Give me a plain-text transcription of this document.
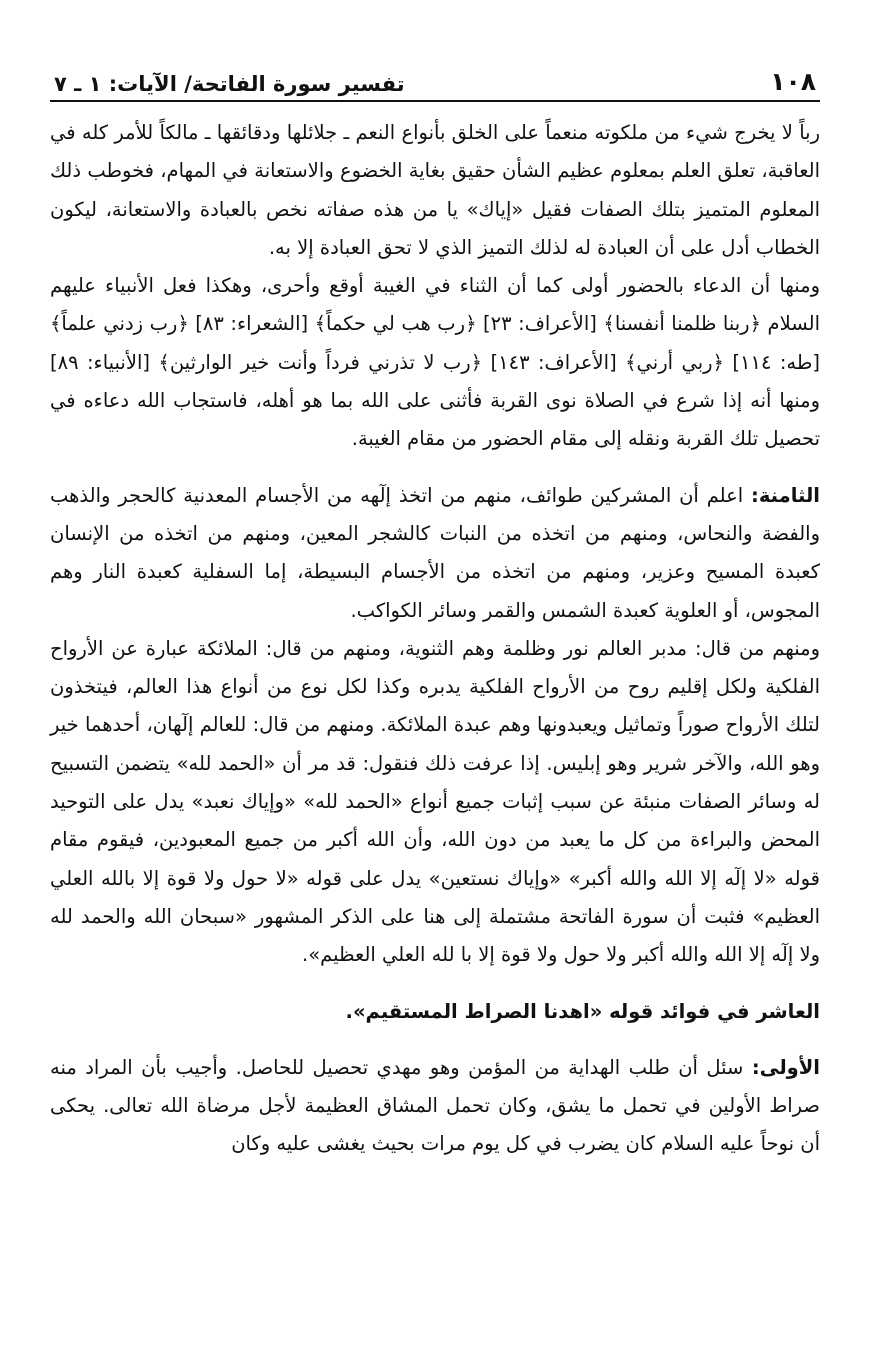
١٠٨
تفسير سورة الفاتحة/ الآيات: ١ ـ ٧

رباً لا يخرج شيء من ملكوته منعماً على الخلق بأنواع النعم ـ جلائلها ودقائقها ـ مالكاً للأمر كله في العاقبة، تعلق العلم بمعلوم عظيم الشأن حقيق بغاية الخضوع والاستعانة في المهام، فخوطب ذلك المعلوم المتميز بتلك الصفات فقيل «إياك» يا من هذه صفاته نخص بالعبادة والاستعانة، ليكون الخطاب أدل على أن العبادة له لذلك التميز الذي لا تحق العبادة إلا به.

ومنها أن الدعاء بالحضور أولى كما أن الثناء في الغيبة أوقع وأحرى، وهكذا فعل الأنبياء عليهم السلام ﴿ربنا ظلمنا أنفسنا﴾ [الأعراف: ٢٣] ﴿رب هب لي حكماً﴾ [الشعراء: ٨٣] ﴿رب زدني علماً﴾ [طه: ١١٤] ﴿ربي أرني﴾ [الأعراف: ١٤٣] ﴿رب لا تذرني فرداً وأنت خير الوارثين﴾ [الأنبياء: ٨٩] ومنها أنه إذا شرع في الصلاة نوى القربة فأثنى على الله بما هو أهله، فاستجاب الله دعاءه في تحصيل تلك القربة ونقله إلى مقام الحضور من مقام الغيبة.

الثامنة: اعلم أن المشركين طوائف، منهم من اتخذ إلٓهه من الأجسام المعدنية كالحجر والذهب والفضة والنحاس، ومنهم من اتخذه من النبات كالشجر المعين، ومنهم من اتخذه من الإنسان كعبدة المسيح وعزير، ومنهم من اتخذه من الأجسام البسيطة، إما السفلية كعبدة النار وهم المجوس، أو العلوية كعبدة الشمس والقمر وسائر الكواكب.

ومنهم من قال: مدبر العالم نور وظلمة وهم الثنوية، ومنهم من قال: الملائكة عبارة عن الأرواح الفلكية ولكل إقليم روح من الأرواح الفلكية يدبره وكذا لكل نوع من أنواع هذا العالم، فيتخذون لتلك الأرواح صوراً وتماثيل ويعبدونها وهم عبدة الملائكة. ومنهم من قال: للعالم إلٓهان، أحدهما خير وهو الله، والآخر شرير وهو إبليس. إذا عرفت ذلك فنقول: قد مر أن «الحمد لله» يتضمن التسبيح له وسائر الصفات منبئة عن سبب إثبات جميع أنواع «الحمد لله» «وإياك نعبد» يدل على التوحيد المحض والبراءة من كل ما يعبد من دون الله، وأن الله أكبر من جميع المعبودين، فيقوم مقام قوله «لا إلٓه إلا الله والله أكبر» «وإياك نستعين» يدل على قوله «لا حول ولا قوة إلا بالله العلي العظيم» فثبت أن سورة الفاتحة مشتملة إلى هنا على الذكر المشهور «سبحان الله والحمد لله ولا إلٓه إلا الله والله أكبر ولا حول ولا قوة إلا با لله العلي العظيم».

العاشر في فوائد قوله «اهدنا الصراط المستقيم».

الأولى: سئل أن طلب الهداية من المؤمن وهو مهدي تحصيل للحاصل. وأجيب بأن المراد منه صراط الأولين في تحمل ما يشق، وكان تحمل المشاق العظيمة لأجل مرضاة الله تعالى. يحكى أن نوحاً عليه السلام كان يضرب في كل يوم مرات بحيث يغشى عليه وكان
